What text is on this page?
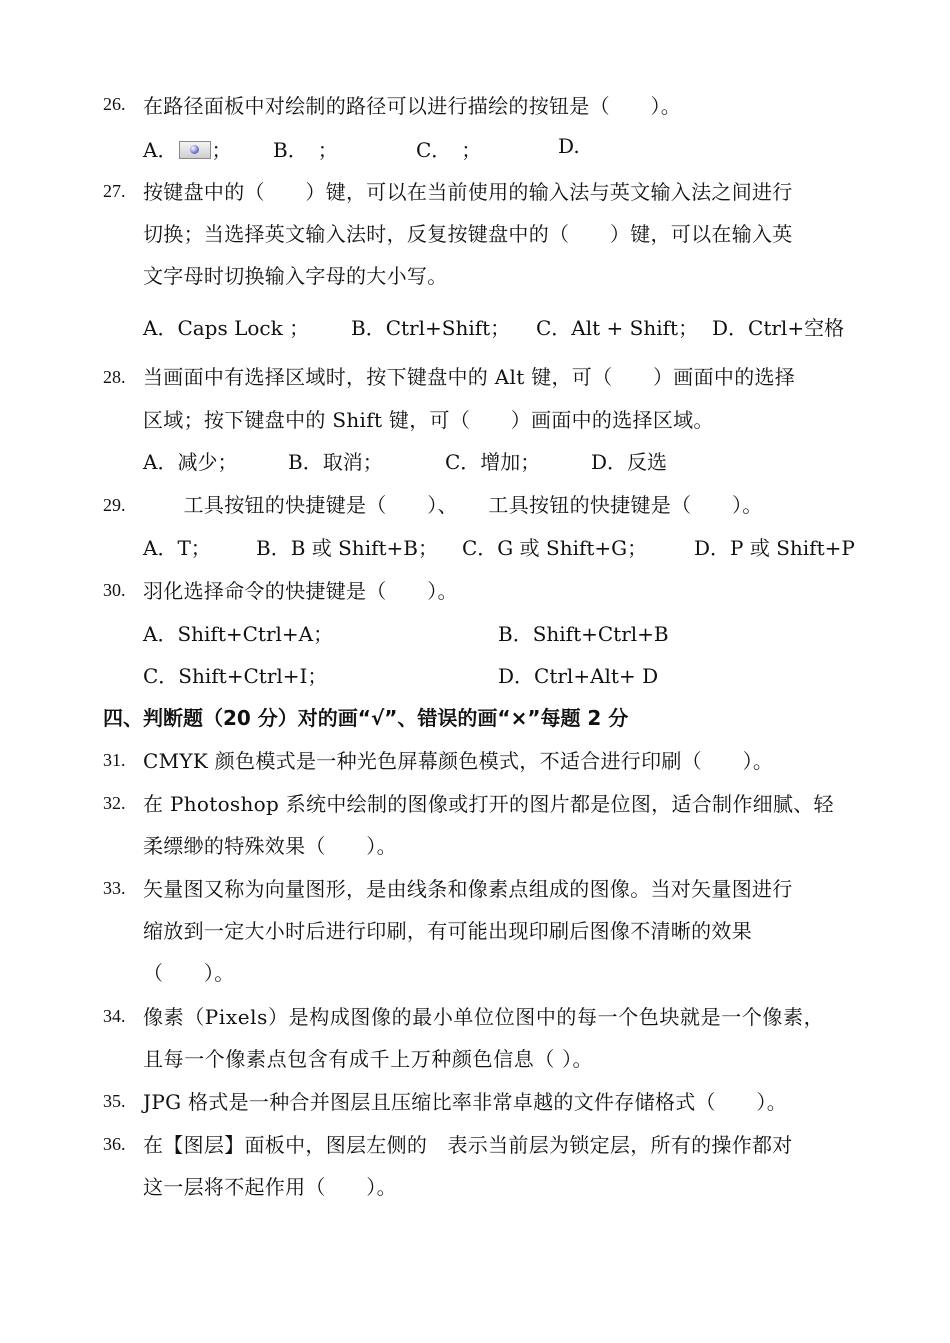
26. 在路径面板中对绘制的路径可以进行描绘的按钮是（　　）。
A． ； B．　；	C．　；	D.
27. 按键盘中的（　　）键，可以在当前使用的输入法与英文输入法之间进行
切换；当选择英文输入法时，反复按键盘中的（　　）键，可以在输入英
文字母时切换输入字母的大小写。
A．Caps Lock ； B．Ctrl+Shift； C．Alt + Shift； D．Ctrl+空格
28. 当画面中有选择区域时，按下键盘中的 Alt 键，可（　　）画面中的选择
区域；按下键盘中的 Shift 键，可（　　）画面中的选择区域。
A．减少；	B．取消；	C．增加；	D．反选
29. 　　工具按钮的快捷键是（　　）、　　工具按钮的快捷键是（　　）。
A．T； B．B 或 Shift+B； C．G 或 Shift+G； D．P 或 Shift+P
30. 羽化选择命令的快捷键是（　　）。
A．Shift+Ctrl+A；	B．Shift+Ctrl+B
C．Shift+Ctrl+I；	D．Ctrl+Alt+ D
四、判断题（20 分）对的画“√”、错误的画“×”每题 2 分
31. CMYK 颜色模式是一种光色屏幕颜色模式，不适合进行印刷（　　）。
32. 在 Photoshop 系统中绘制的图像或打开的图片都是位图，适合制作细腻、轻
柔缥缈的特殊效果（　　）。
33. 矢量图又称为向量图形，是由线条和像素点组成的图像。当对矢量图进行
缩放到一定大小时后进行印刷，有可能出现印刷后图像不清晰的效果
（　　）。
34. 像素（Pixels）是构成图像的最小单位位图中的每一个色块就是一个像素，
且每一个像素点包含有成千上万种颜色信息（ ）。
35. JPG 格式是一种合并图层且压缩比率非常卓越的文件存储格式（　　）。
36. 在【图层】面板中，图层左侧的　表示当前层为锁定层，所有的操作都对
这一层将不起作用（　　）。
